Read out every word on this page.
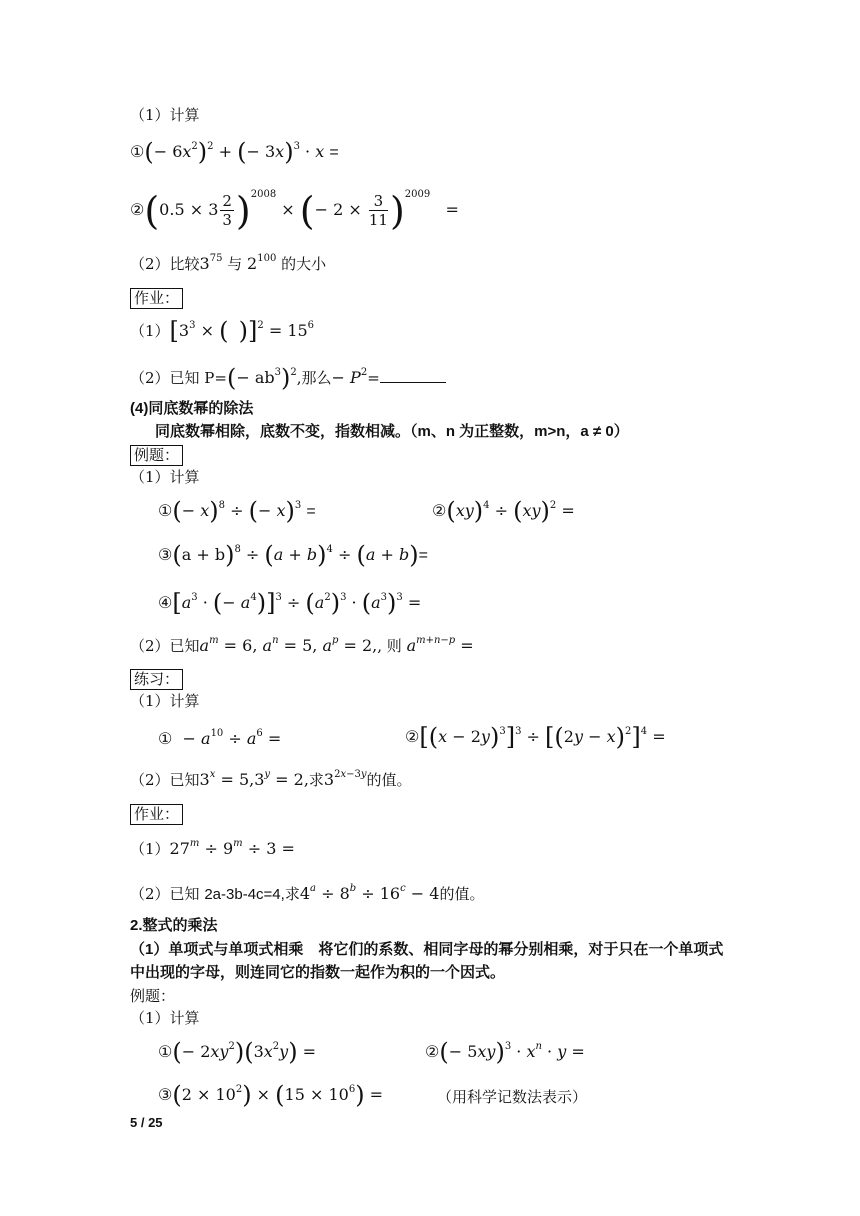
（1）计算
①(− $6x^2)^2$ + (− 3x)$^3$ · x =
②(0.5 × $3 \frac{2}{3} )^{2008}$ × (− $2 \times \frac{3}{11} )^{2009}$   =
（2）比较$3^{75}$ 与 $2^{100}$ 的大小
作业：
$(1)[3^3$ × ( )]$^2 = 15^6$
（2）已知 $P=(- ab^3)^2$,那么− $P^2=$
(4)同底数幂的除法
同底数幂相除，底数不变，指数相减。（m、n 为正整数，m>n，a ≠ 0）
例题：
（1）计算
①(− x)$^8$ ÷ (− x)$^3$ =	②(xy)$^4$ ÷ (xy)$^2$ =
③(a + $b)^8 \div (a + b)^4 \div (a + b)=$
$④[a^3$ · (− $a^4)]^3 \div (a^2)^3 \cdot (a^3)^3$ =
（2）已知$a^m = 6$, $a^n = 5$, $a^p = 2$,, 则 $a^{m+n-p}$ =
练习：
（1）计算
①  − $a^{10} \div a^6$ =	②[(x − $2y)^3]^3 \div [(2y - x)^2]^4$ =
（2）已知$3^x = 5,3^y = 2$,求$3^{2x-3y}$的值。
作业：
$(1)27^m \div 9^m \div 3$ =
（2）已知 2a-3b-4c=4,求$4^a \div 8^b \div 16^c - 4$的值。
2.整式的乘法
（1）单项式与单项式相乘　将它们的系数、相同字母的幂分别相乘，对于只在一个单项式
中出现的字母，则连同它的指数一起作为积的一个因式。
例题：
（1）计算
①(− $2xy^2)(3x^2y)$ =	②(− $5xy)^3 \cdot x^n \cdot y$ =
③(2 × $10^2) \times (15 \times 10^6)$ =	（用科学记数法表示）
5 / 25
